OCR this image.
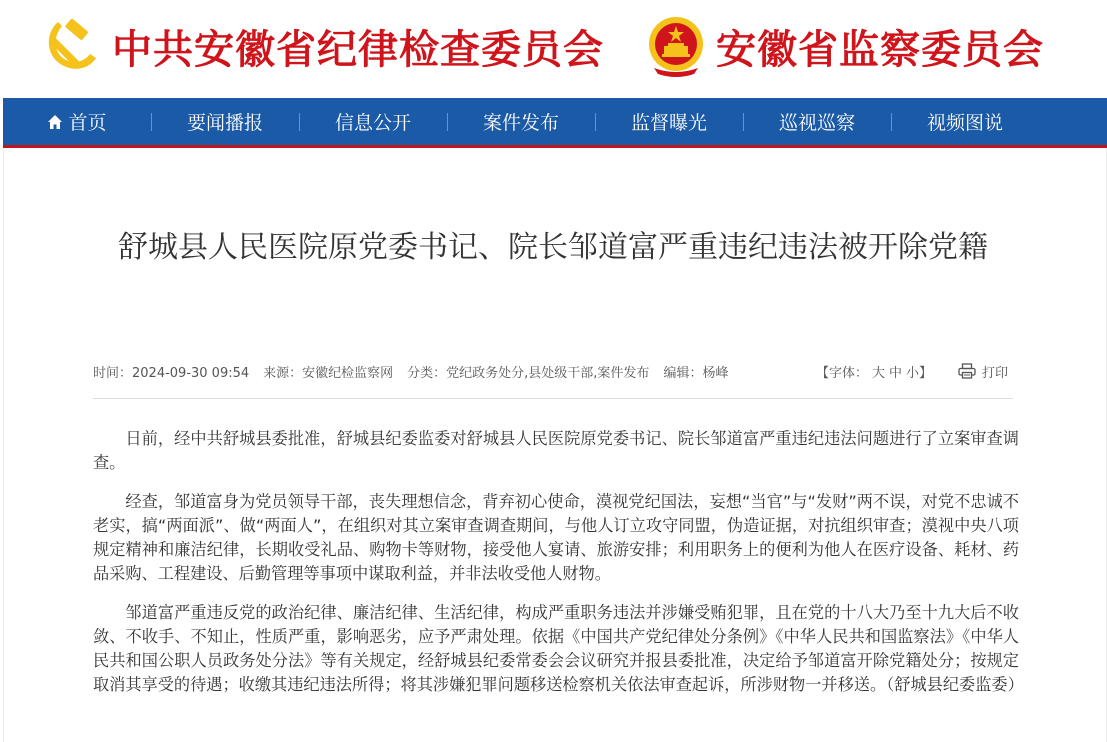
中共安徽省纪律检查委员会	安徽省监察委员会
首页	要闻播报	信息公开	案件发布	监督曝光	巡视巡察	视频图说
舒城县人民医院原党委书记、院长邹道富严重违纪违法被开除党籍
时间：2024-09-30 09:54 来源：安徽纪检监察网 分类：党纪政务处分,县处级干部,案件发布 编辑：杨峰	【字体： 大 中 小】	打印

日前，经中共舒城县委批准，舒城县纪委监委对舒城县人民医院原党委书记、院长邹道富严重违纪违法问题进行了立案审查调查。

经查，邹道富身为党员领导干部，丧失理想信念，背弃初心使命，漠视党纪国法，妄想“当官”与“发财”两不误，对党不忠诚不老实，搞“两面派”、做“两面人”，在组织对其立案审查调查期间，与他人订立攻守同盟，伪造证据，对抗组织审查；漠视中央八项规定精神和廉洁纪律，长期收受礼品、购物卡等财物，接受他人宴请、旅游安排；利用职务上的便利为他人在医疗设备、耗材、药品采购、工程建设、后勤管理等事项中谋取利益，并非法收受他人财物。

邹道富严重违反党的政治纪律、廉洁纪律、生活纪律，构成严重职务违法并涉嫌受贿犯罪，且在党的十八大乃至十九大后不收敛、不收手、不知止，性质严重，影响恶劣，应予严肃处理。依据《中国共产党纪律处分条例》《中华人民共和国监察法》《中华人民共和国公职人员政务处分法》等有关规定，经舒城县纪委常委会会议研究并报县委批准，决定给予邹道富开除党籍处分；按规定取消其享受的待遇；收缴其违纪违法所得；将其涉嫌犯罪问题移送检察机关依法审查起诉，所涉财物一并移送。（舒城县纪委监委）
